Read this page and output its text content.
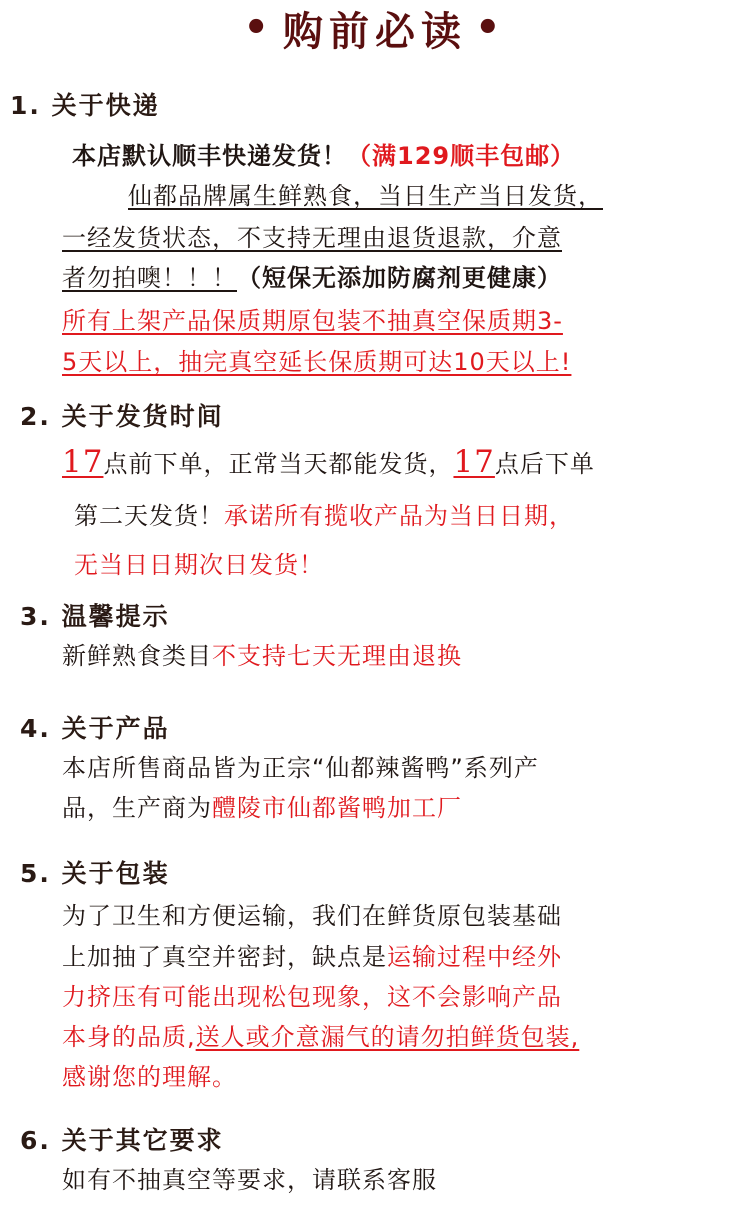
• 购前必读 •
1. 关于快递
本店默认顺丰快递发货！（满129顺丰包邮）
仙都品牌属生鲜熟食，当日生产当日发货，
一经发货状态，不支持无理由退货退款，介意
者勿拍噢！！！（短保无添加防腐剂更健康）
所有上架产品保质期原包装不抽真空保质期3-
5天以上，抽完真空延长保质期可达10天以上!
2. 关于发货时间
17点前下单，正常当天都能发货，17点后下单
第二天发货！承诺所有揽收产品为当日日期，
无当日日期次日发货！
3. 温馨提示
新鲜熟食类目不支持七天无理由退换
4. 关于产品
本店所售商品皆为正宗“仙都辣酱鸭”系列产
品，生产商为醴陵市仙都酱鸭加工厂
5. 关于包装
为了卫生和方便运输，我们在鲜货原包装基础
上加抽了真空并密封，缺点是运输过程中经外
力挤压有可能出现松包现象，这不会影响产品
本身的品质,送人或介意漏气的请勿拍鲜货包装,
感谢您的理解。
6. 关于其它要求
如有不抽真空等要求，请联系客服
